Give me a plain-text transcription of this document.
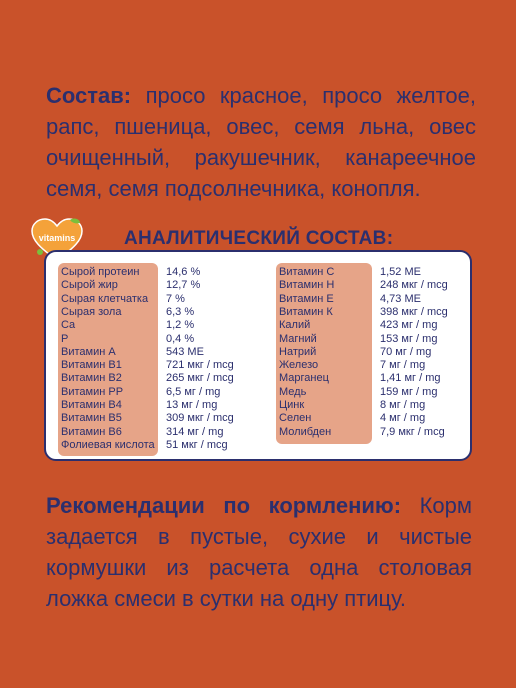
Состав: просо красное, просо желтое, рапс, пшеница, овес, семя льна, овес очищенный, ракушечник, канареечное семя, семя подсолнечника, конопля.
vitamins	АНАЛИТИЧЕСКИЙ СОСТАВ:
Сырой протеин 14,6 %
Сырой жир	12,7 %
Сырая клетчатка 7 %
Сырая зола	6,3 %
Ca	1,2 %
P	0,4 %
Витамин А	543 МЕ
Витамин В1	721 мкг / mcg
Витамин В2	265 мкг / mcg
Витамин РР	6,5 мг / mg
Витамин В4	13 мг / mg
Витамин В5	309 мкг / mcg
Витамин В6	314 мг / mg
Фолиевая кислота 51 мкг / mcg
Витамин С	1,52 МЕ
Витамин Н	248 мкг / mcg
Витамин Е	4,73 МЕ
Витамин К	398 мкг / mcg
Калий	423 мг / mg
Магний	153 мг / mg
Натрий	70 мг / mg
Железо	7 мг / mg
Марганец	1,41 мг / mg
Медь	159 мг / mg
Цинк	8 мг / mg
Селен	4 мг / mg
Молибден	7,9 мкг / mcg
Рекомендации по кормлению: Корм задается в пустые, сухие и чистые кормушки из расчета одна столовая ложка смеси в сутки на одну птицу.
